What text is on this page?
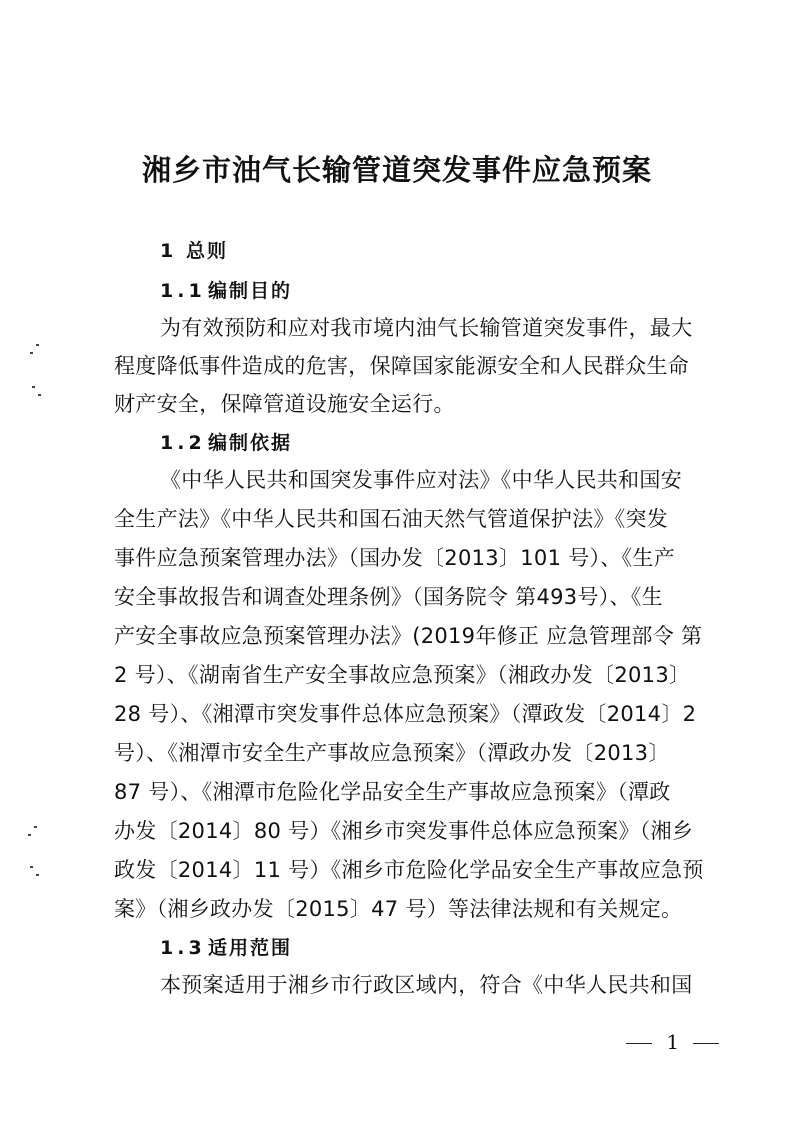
湘乡市油气长输管道突发事件应急预案
1 总则
1.1 编制目的
为有效预防和应对我市境内油气长输管道突发事件，最大
程度降低事件造成的危害，保障国家能源安全和人民群众生命
财产安全，保障管道设施安全运行。
1.2 编制依据
《中华人民共和国突发事件应对法》《中华人民共和国安
全生产法》《中华人民共和国石油天然气管道保护法》《突发
事件应急预案管理办法》（国办发〔2013〕101 号）、《生产
安全事故报告和调查处理条例》（国务院令 第493号）、《生
产安全事故应急预案管理办法》(2019年修正 应急管理部令 第
2 号）、《湖南省生产安全事故应急预案》（湘政办发〔2013〕
28 号）、《湘潭市突发事件总体应急预案》（潭政发〔2014〕2
号）、《湘潭市安全生产事故应急预案》（潭政办发〔2013〕
87 号）、《湘潭市危险化学品安全生产事故应急预案》（潭政
办发〔2014〕80 号）《湘乡市突发事件总体应急预案》（湘乡
政发〔2014〕11 号）《湘乡市危险化学品安全生产事故应急预
案》（湘乡政办发〔2015〕47 号）等法律法规和有关规定。
1.3 适用范围
本预案适用于湘乡市行政区域内，符合《中华人民共和国
1
